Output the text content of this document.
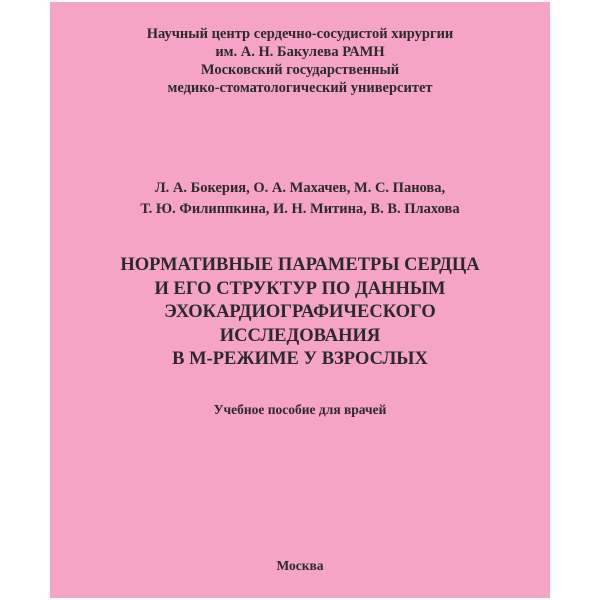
Научный центр сердечно-сосудистой хирургии
им. А. Н. Бакулева РАМН
Московский государственный
медико-стоматологический университет
Л. А. Бокерия, О. А. Махачев, М. С. Панова,
Т. Ю. Филиппкина, И. Н. Митина, В. В. Плахова
НОРМАТИВНЫЕ ПАРАМЕТРЫ СЕРДЦА
И ЕГО СТРУКТУР ПО ДАННЫМ
ЭХОКАРДИОГРАФИЧЕСКОГО
ИССЛЕДОВАНИЯ
В М-РЕЖИМЕ У ВЗРОСЛЫХ
Учебное пособие для врачей
Москва
